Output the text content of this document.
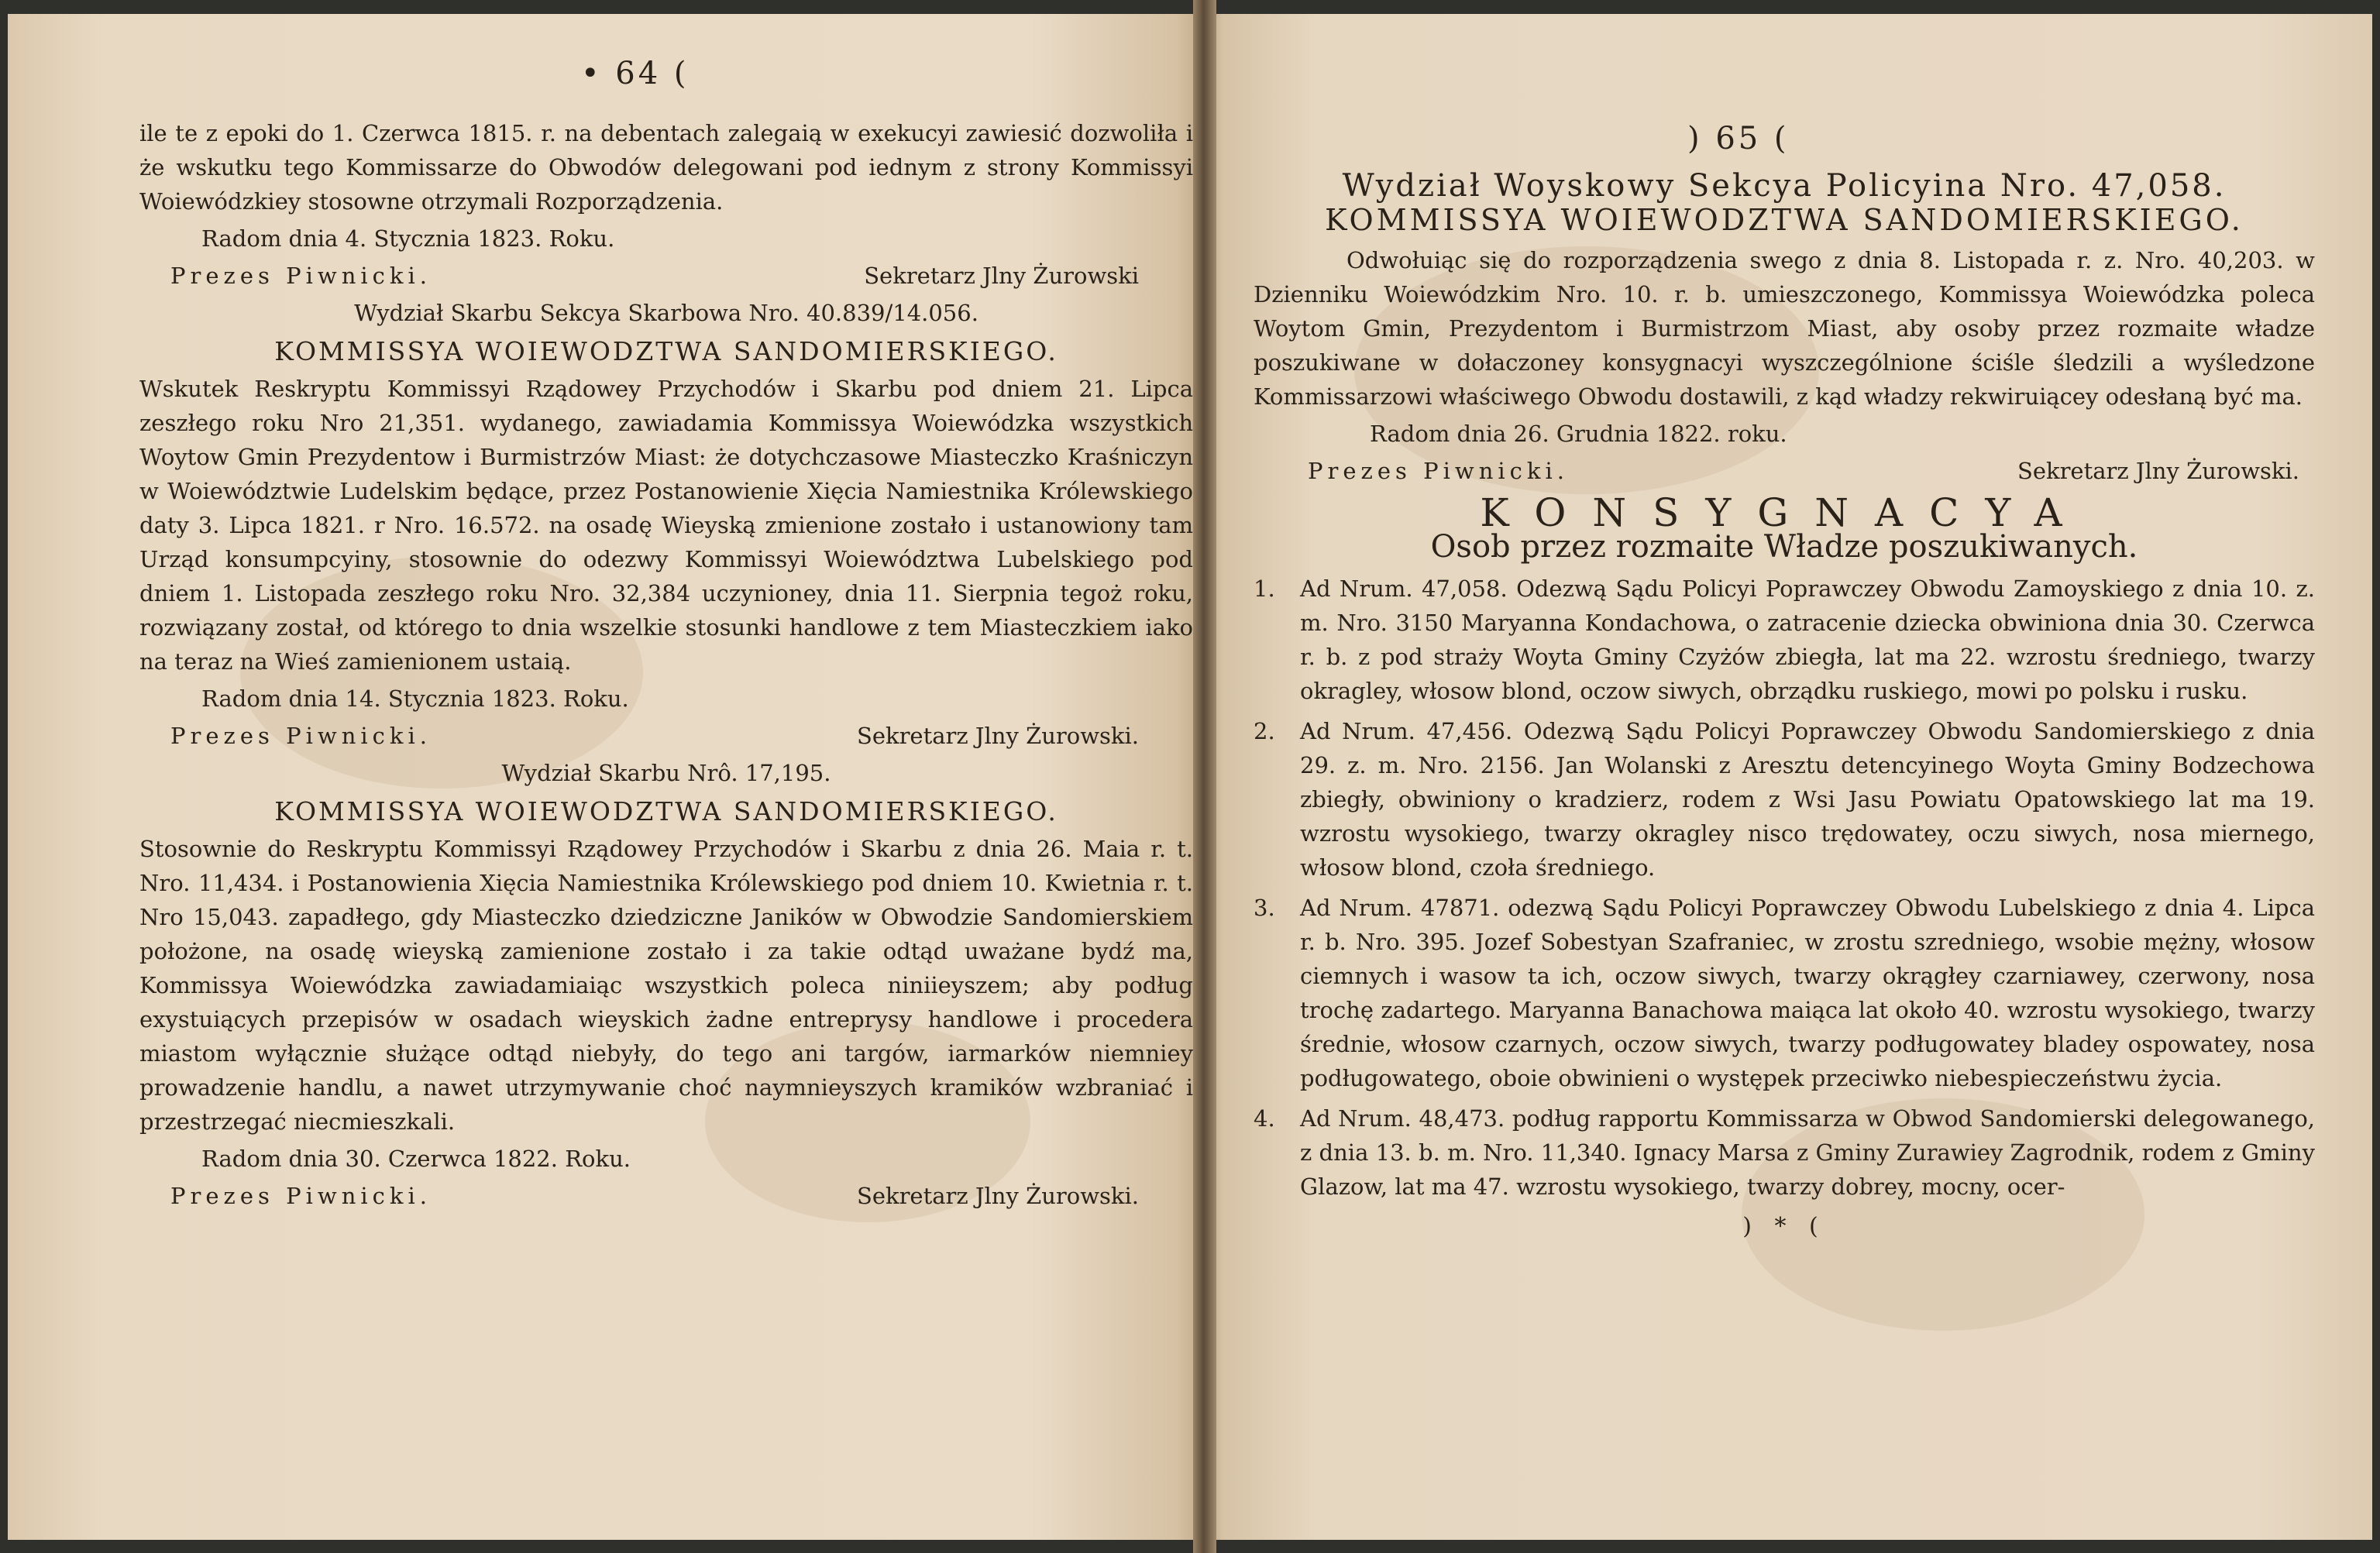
• 64 (

ile te z epoki do 1. Czerwca 1815. r. na debentach zalegaią w exekucyi zawiesić dozwoliła i że wskutku tego Kommissarze do Obwodów delegowani pod iednym z strony Kommissyi Woiewódzkiey stosowne otrzymali Rozporządzenia.

Radom dnia 4. Stycznia 1823. Roku.

Prezes Piwnicki.	Sekretarz Jlny Żurowski

Wydział Skarbu Sekcya Skarbowa Nro. 40.839/14.056.

KOMMISSYA WOIEWODZTWA SANDOMIERSKIEGO.

Wskutek Reskryptu Kommissyi Rządowey Przychodów i Skarbu pod dniem 21. Lipca zeszłego roku Nro 21,351. wydanego, zawiadamia Kommissya Woiewódzka wszystkich Woytow Gmin Prezydentow i Burmistrzów Miast: że dotychczasowe Miasteczko Kraśniczyn w Woiewództwie Ludelskim będące, przez Postanowienie Xięcia Namiestnika Królewskiego daty 3. Lipca 1821. r Nro. 16.572. na osadę Wieyską zmienione zostało i ustanowiony tam Urząd konsumpcyiny, stosownie do odezwy Kommissyi Woiewództwa Lubelskiego pod dniem 1. Listopada zeszłego roku Nro. 32,384 uczynioney, dnia 11. Sierpnia tegoż roku, rozwiązany został, od którego to dnia wszelkie stosunki handlowe z tem Miasteczkiem iako na teraz na Wieś zamienionem ustaią.

Radom dnia 14. Stycznia 1823. Roku.

Prezes Piwnicki.	Sekretarz Jlny Żurowski.

Wydział Skarbu Nrô. 17,195.

KOMMISSYA WOIEWODZTWA SANDOMIERSKIEGO.

Stosownie do Reskryptu Kommissyi Rządowey Przychodów i Skarbu z dnia 26. Maia r. t. Nro. 11,434. i Postanowienia Xięcia Namiestnika Królewskiego pod dniem 10. Kwietnia r. t. Nro 15,043. zapadłego, gdy Miasteczko dziedziczne Janików w Obwodzie Sandomierskiem położone, na osadę wieyską zamienione zostało i za takie odtąd uważane bydź ma, Kommissya Woiewódzka zawiadamiaiąc wszystkich poleca niniieyszem; aby podług exystuiących przepisów w osadach wieyskich żadne entreprysy handlowe i procedera miastom wyłącznie służące odtąd niebyły, do tego ani targów, iarmarków niemniey prowadzenie handlu, a nawet utrzymywanie choć naymnieyszych kramików wzbraniać i przestrzegać niecmieszkali.

Radom dnia 30. Czerwca 1822. Roku.

Prezes Piwnicki.	Sekretarz Jlny Żurowski.
) 65 (

Wydział Woyskowy Sekcya Policyina Nro. 47,058.

KOMMISSYA WOIEWODZTWA SANDOMIERSKIEGO.

Odwołuiąc się do rozporządzenia swego z dnia 8. Listopada r. z. Nro. 40,203. w Dzienniku Woiewódzkim Nro. 10. r. b. umieszczonego, Kommissya Woiewódzka poleca Woytom Gmin, Prezydentom i Burmistrzom Miast, aby osoby przez rozmaite władze poszukiwane w dołaczoney konsygnacyi wyszczególnione ściśle śledzili a wyśledzone Kommissarzowi właściwego Obwodu dostawili, z kąd władzy rekwiruiącey odesłaną być ma.

Radom dnia 26. Grudnia 1822. roku.

Prezes Piwnicki.	Sekretarz Jlny Żurowski.

KONSYGNACYA

Osob przez rozmaite Władze poszukiwanych.

1.	Ad Nrum. 47,058. Odezwą Sądu Policyi Poprawczey Obwodu Zamoyskiego z dnia 10. z. m. Nro. 3150 Maryanna Kondachowa, o zatracenie dziecka obwiniona dnia 30. Czerwca r. b. z pod straży Woyta Gminy Czyżów zbiegła, lat ma 22. wzrostu średniego, twarzy okragley, włosow blond, oczow siwych, obrządku ruskiego, mowi po polsku i rusku.
2.	Ad Nrum. 47,456. Odezwą Sądu Policyi Poprawczey Obwodu Sandomierskiego z dnia 29. z. m. Nro. 2156. Jan Wolanski z Aresztu detencyinego Woyta Gminy Bodzechowa zbiegły, obwiniony o kradzierz, rodem z Wsi Jasu Powiatu Opatowskiego lat ma 19. wzrostu wysokiego, twarzy okragley nisco trędowatey, oczu siwych, nosa miernego, włosow blond, czoła średniego.
3.	Ad Nrum. 47871. odezwą Sądu Policyi Poprawczey Obwodu Lubelskiego z dnia 4. Lipca r. b. Nro. 395. Jozef Sobestyan Szafraniec, w zrostu szredniego, wsobie mężny, włosow ciemnych i wasow ta ich, oczow siwych, twarzy okrągłey czarniawey, czerwony, nosa trochę zadartego. Maryanna Banachowa maiąca lat około 40. wzrostu wysokiego, twarzy średnie, włosow czarnych, oczow siwych, twarzy podługowatey bladey ospowatey, nosa podługowatego, oboie obwinieni o występek przeciwko niebespieczeństwu życia.
4.	Ad Nrum. 48,473. podług rapportu Kommissarza w Obwod Sandomierski delegowanego, z dnia 13. b. m. Nro. 11,340. Ignacy Marsa z Gminy Zurawiey Zagrodnik, rodem z Gminy Glazow, lat ma 47. wzrostu wysokiego, twarzy dobrey, mocny, ocer-

) * (
